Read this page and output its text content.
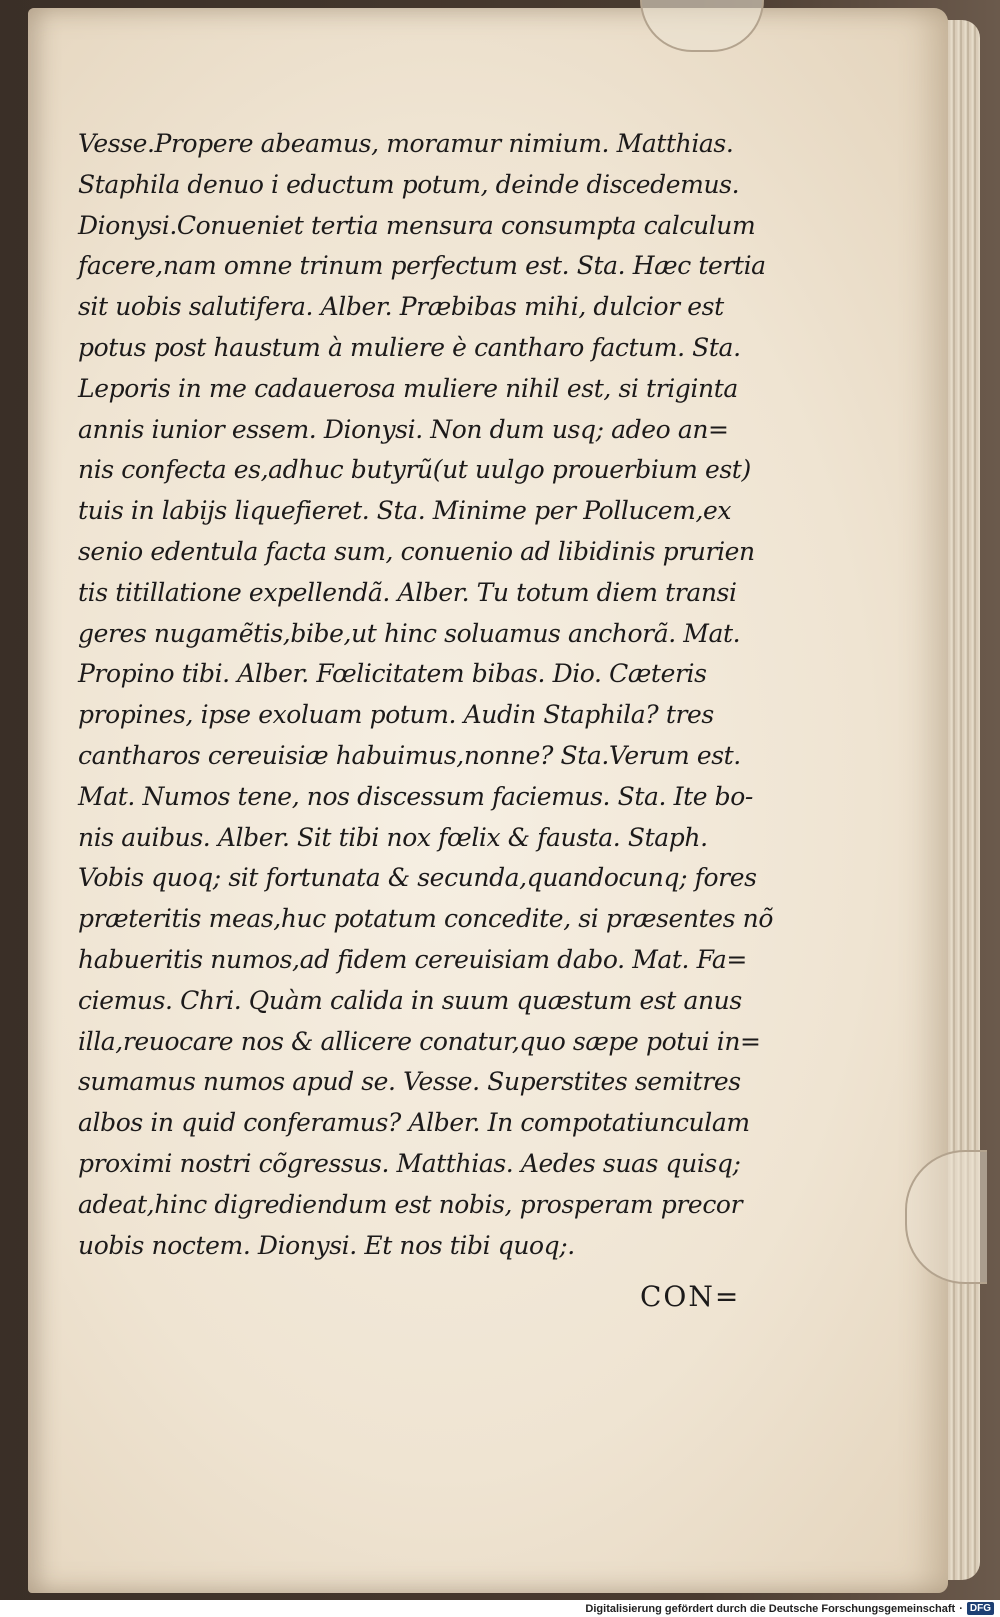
Vesse.Propere abeamus, moramur nimium. Matthias.
Staphila denuo i eductum potum, deinde discedemus.
Dionysi.Conueniet tertia mensura consumpta calculum
facere,nam omne trinum perfectum est. Sta. Hæc tertia
sit uobis salutifera. Alber. Præbibas mihi, dulcior est
potus post haustum à muliere è cantharo factum. Sta.
Leporis in me cadauerosa muliere nihil est, si triginta
annis iunior essem. Dionysi. Non dum usq; adeo an=
nis confecta es,adhuc butyrũ(ut uulgo prouerbium est)
tuis in labijs liquefieret. Sta. Minime per Pollucem,ex
senio edentula facta sum, conuenio ad libidinis prurien
tis titillatione expellendã. Alber. Tu totum diem transi
geres nugamẽtis,bibe,ut hinc soluamus anchorã. Mat.
Propino tibi. Alber. Fœlicitatem bibas. Dio. Cæteris
propines, ipse exoluam potum. Audin Staphila? tres
cantharos cereuisiæ habuimus,nonne? Sta.Verum est.
Mat. Numos tene, nos discessum faciemus. Sta. Ite bo-
nis auibus. Alber. Sit tibi nox fœlix & fausta. Staph.
Vobis quoq; sit fortunata & secunda,quandocunq; fores
præteritis meas,huc potatum concedite, si præsentes nõ
habueritis numos,ad fidem cereuisiam dabo. Mat. Fa=
ciemus. Chri. Quàm calida in suum quæstum est anus
illa,reuocare nos & allicere conatur,quo sæpe potui in=
sumamus numos apud se. Vesse. Superstites semitres
albos in quid conferamus? Alber. In compotatiunculam
proximi nostri cõgressus. Matthias. Aedes suas quisq;
adeat,hinc digrediendum est nobis, prosperam precor
uobis noctem. Dionysi. Et nos tibi quoq;.
CON=
Digitalisierung gefördert durch die Deutsche Forschungsgemeinschaft · DFG
